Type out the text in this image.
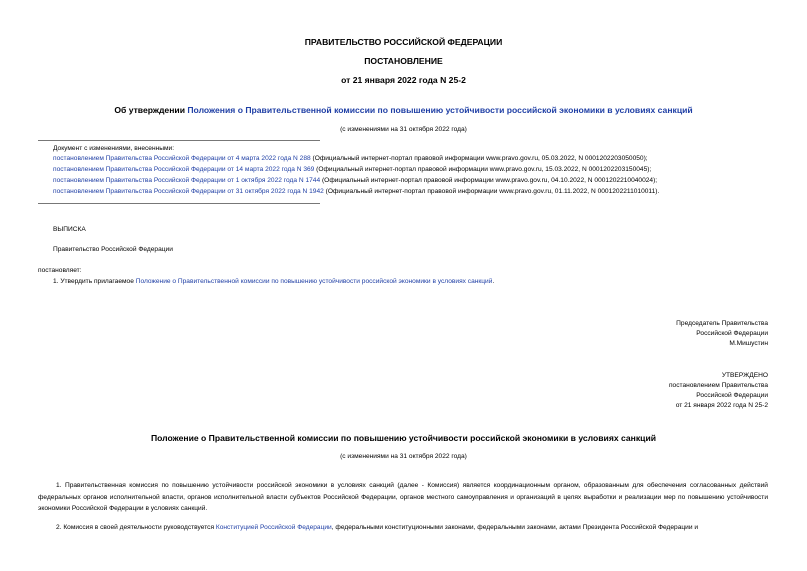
ПРАВИТЕЛЬСТВО РОССИЙСКОЙ ФЕДЕРАЦИИ
ПОСТАНОВЛЕНИЕ
от 21 января 2022 года N 25-2
Об утверждении Положения о Правительственной комиссии по повышению устойчивости российской экономики в условиях санкций
(с изменениями на 31 октября 2022 года)
Документ с изменениями, внесенными:
постановлением Правительства Российской Федерации от 4 марта 2022 года N 288 (Официальный интернет-портал правовой информации www.pravo.gov.ru, 05.03.2022, N 0001202203050050);
постановлением Правительства Российской Федерации от 14 марта 2022 года N 369 (Официальный интернет-портал правовой информации www.pravo.gov.ru, 15.03.2022, N 0001202203150045);
постановлением Правительства Российской Федерации от 1 октября 2022 года N 1744 (Официальный интернет-портал правовой информации www.pravo.gov.ru, 04.10.2022, N 0001202210040024);
постановлением Правительства Российской Федерации от 31 октября 2022 года N 1942 (Официальный интернет-портал правовой информации www.pravo.gov.ru, 01.11.2022, N 0001202211010011).
ВЫПИСКА
Правительство Российской Федерации
постановляет:
1. Утвердить прилагаемое Положение о Правительственной комиссии по повышению устойчивости российской экономики в условиях санкций.
Председатель Правительства
Российской Федерации
М.Мишустин
УТВЕРЖДЕНО
постановлением Правительства
Российской Федерации
от 21 января 2022 года N 25-2
Положение о Правительственной комиссии по повышению устойчивости российской экономики в условиях санкций
(с изменениями на 31 октября 2022 года)
1. Правительственная комиссия по повышению устойчивости российской экономики в условиях санкций (далее - Комиссия) является координационным органом, образованным для обеспечения согласованных действий федеральных органов исполнительной власти, органов исполнительной власти субъектов Российской Федерации, органов местного самоуправления и организаций в целях выработки и реализации мер по повышению устойчивости экономики Российской Федерации в условиях санкций.
2. Комиссия в своей деятельности руководствуется Конституцией Российской Федерации, федеральными конституционными законами, федеральными законами, актами Президента Российской Федерации и
